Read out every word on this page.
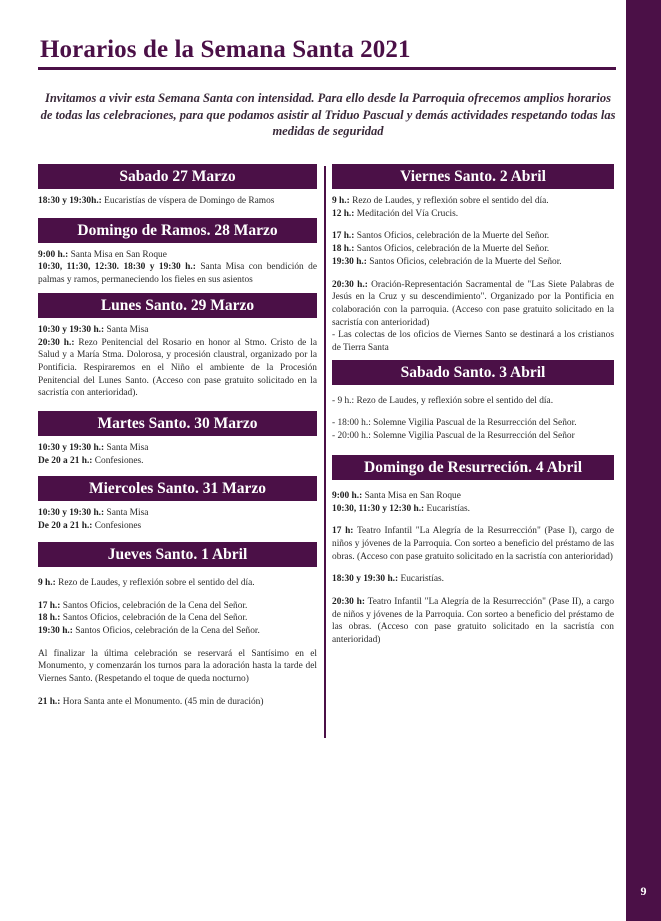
9
Horarios de la Semana Santa 2021
Invitamos a vivir esta Semana Santa con intensidad. Para ello desde la Parroquia ofrecemos amplios horarios de todas las celebraciones, para que podamos asistir al Triduo Pascual y demás actividades respetando todas las medidas de seguridad
Sabado 27 Marzo

18:30 y 19:30h.: Eucaristías de víspera de Domingo de Ramos

Domingo de Ramos. 28 Marzo

9:00 h.: Santa Misa en San Roque

10:30, 11:30, 12:30. 18:30 y 19:30 h.: Santa Misa con bendición de palmas y ramos, permaneciendo los fieles en sus asientos

Lunes Santo. 29 Marzo

10:30 y 19:30 h.: Santa Misa

20:30 h.: Rezo Penitencial del Rosario en honor al Stmo. Cristo de la Salud y a María Stma. Dolorosa, y procesión claustral, organizado por la Pontificia. Respiraremos en el Niño el ambiente de la Procesión Penitencial del Lunes Santo. (Acceso con pase gratuito solicitado en la sacristía con anterioridad).

Martes Santo. 30 Marzo

10:30 y 19:30 h.: Santa Misa

De 20 a 21 h.: Confesiones.

Miercoles Santo. 31 Marzo

10:30 y 19:30 h.: Santa Misa

De 20 a 21 h.: Confesiones

Jueves Santo. 1 Abril

9 h.: Rezo de Laudes, y reflexión sobre el sentido del día.

17 h.: Santos Oficios, celebración de la Cena del Señor.

18 h.: Santos Oficios, celebración de la Cena del Señor.

19:30 h.: Santos Oficios, celebración de la Cena del Señor.

Al finalizar la última celebración se reservará el Santísimo en el Monumento, y comenzarán los turnos para la adoración hasta la tarde del Viernes Santo. (Respetando el toque de queda nocturno)

21 h.: Hora Santa ante el Monumento. (45 min de duración)

Viernes Santo. 2 Abril

9 h.: Rezo de Laudes, y reflexión sobre el sentido del día.

12 h.: Meditación del Vía Crucis.

17 h.: Santos Oficios, celebración de la Muerte del Señor.

18 h.: Santos Oficios, celebración de la Muerte del Señor.

19:30 h.: Santos Oficios, celebración de la Muerte del Señor.

20:30 h.: Oración-Representación Sacramental de "Las Siete Palabras de Jesús en la Cruz y su descendimiento". Organizado por la Pontificia en colaboración con la parroquia. (Acceso con pase gratuito solicitado en la sacristía con anterioridad)

- Las colectas de los oficios de Viernes Santo se destinará a los cristianos de Tierra Santa

Sabado Santo. 3 Abril

- 9 h.: Rezo de Laudes, y reflexión sobre el sentido del día.

- 18:00 h.: Solemne Vigilia Pascual de la Resurrección del Señor.

- 20:00 h.: Solemne Vigilia Pascual de la Resurrección del Señor

Domingo de Resurreción. 4 Abril

9:00 h.: Santa Misa en San Roque

10:30, 11:30 y 12:30 h.: Eucaristías.

17 h: Teatro Infantil "La Alegría de la Resurrección" (Pase I), cargo de niños y jóvenes de la Parroquia. Con sorteo a beneficio del préstamo de las obras. (Acceso con pase gratuito solicitado en la sacristía con anterioridad)

18:30 y 19:30 h.: Eucaristías.

20:30 h: Teatro Infantil "La Alegría de la Resurrección" (Pase II), a cargo de niños y jóvenes de la Parroquia. Con sorteo a beneficio del préstamo de las obras. (Acceso con pase gratuito solicitado en la sacristía con anterioridad)
